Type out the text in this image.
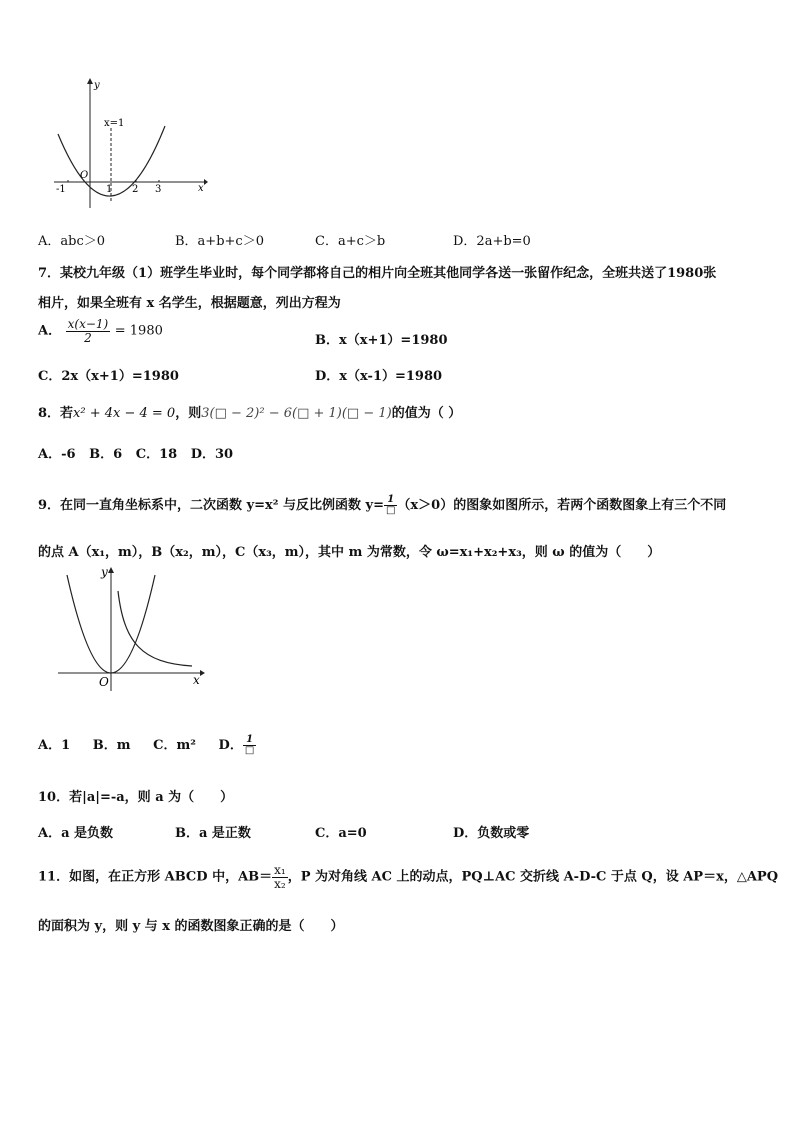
y
x
x=1
O
-1	1 2 3
A．abc＞0	B．a+b+c＞0	C．a+c＞b	D．2a+b=0
7．某校九年级（1）班学生毕业时，每个同学都将自己的相片向全班其他同学各送一张留作纪念，全班共送了1980张
相片，如果全班有 x 名学生，根据题意，列出方程为
A． $\frac{x(x-1)}{2} = 1980$
B．x（x+1）=1980
C．2x（x+1）=1980	D．x（x-1）=1980
8．若x² + 4x − 4 = 0，则3(□ − 2)² − 6(□ + 1)(□ − 1)的值为（ ）
A．-6   B．6   C．18   D．30
9．在同一直角坐标系中，二次函数 y=x² 与反比例函数 $y= \frac{1}{□} (x>0)$的图象如图所示，若两个函数图象上有三个不同
的点 A（x₁，m），B（x₂，m），C（x₃，m），其中 m 为常数，令 ω=x₁+x₂+x₃，则 ω 的值为（　　）
y
x
O
A．1     B．m     C．m²     D． $\frac{1}{□}$
10．若|a|=-a，则 a 为（　　）
A．a 是负数	B．a 是正数	C．a=0	D．负数或零
11．如图，在正方形 ABCD 中，$AB= \frac{\text{x₁}}{\text{x₂}}$ ，P 为对角线 AC 上的动点，PQ⊥AC 交折线 A-D-C 于点 Q，设 AP＝x，△APQ
的面积为 y，则 y 与 x 的函数图象正确的是（　　）
